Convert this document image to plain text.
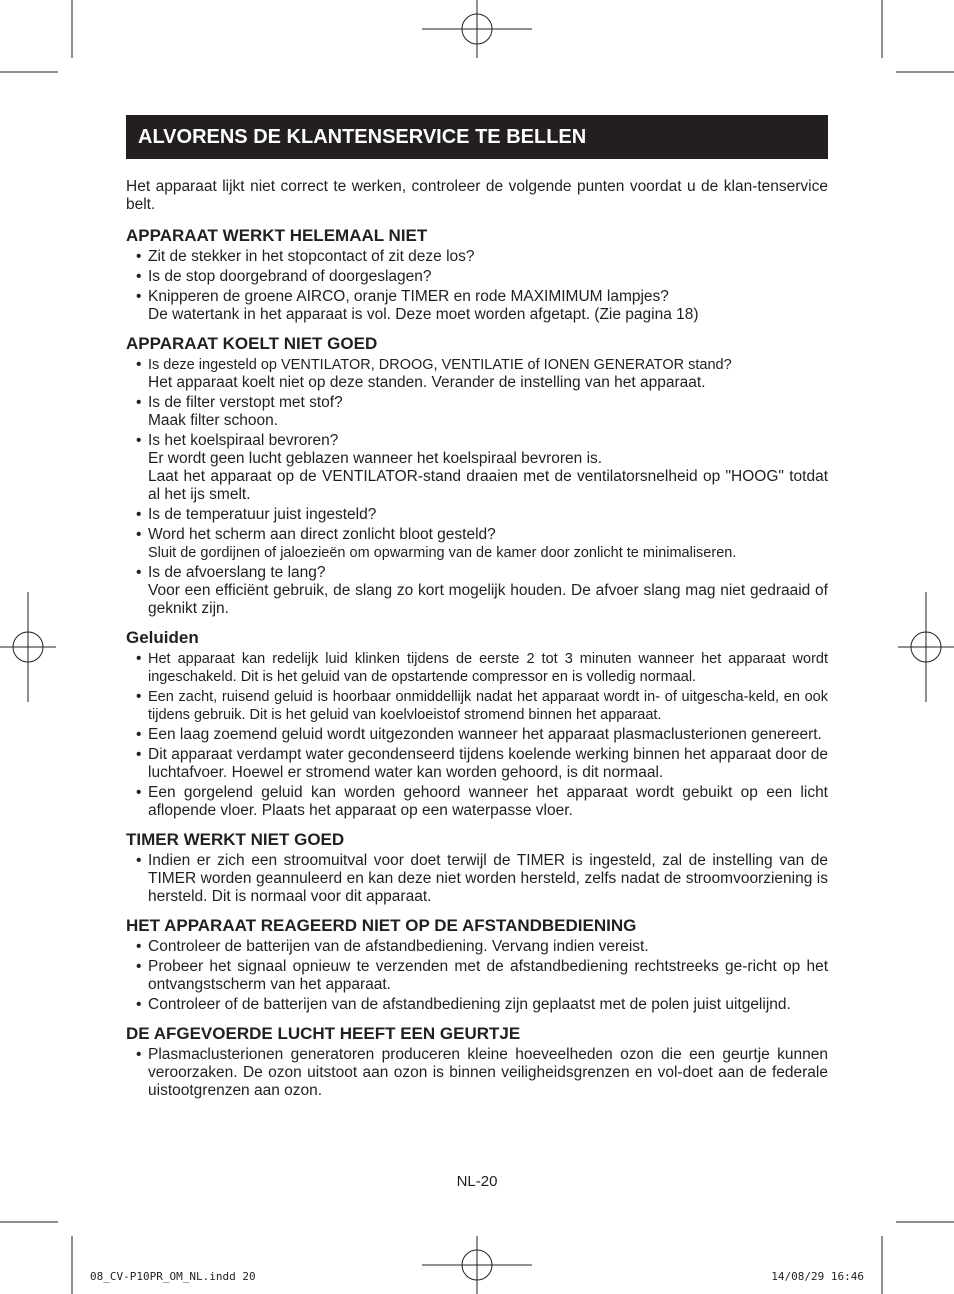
ALVORENS DE KLANTENSERVICE TE BELLEN

Het apparaat lijkt niet correct te werken, controleer de volgende punten voordat u de klan-tenservice belt.

APPARAAT WERKT HELEMAAL NIET
• Zit de stekker in het stopcontact of zit deze los?
• Is de stop doorgebrand of doorgeslagen?
• Knipperen de groene AIRCO, oranje TIMER en rode MAXIMIMUM lampjes?
De watertank in het apparaat is vol. Deze moet worden afgetapt. (Zie pagina 18)
APPARAAT KOELT NIET GOED
• Is deze ingesteld op VENTILATOR, DROOG, VENTILATIE of IONEN GENERATOR stand?
Het apparaat koelt niet op deze standen. Verander de instelling van het apparaat.
• Is de filter verstopt met stof?
Maak filter schoon.
• Is het koelspiraal bevroren?
Er wordt geen lucht geblazen wanneer het koelspiraal bevroren is.
Laat het apparaat op de VENTILATOR-stand draaien met de ventilatorsnelheid op "HOOG" totdat al het ijs smelt.
• Is de temperatuur juist ingesteld?
• Word het scherm aan direct zonlicht bloot gesteld?
Sluit de gordijnen of jaloezieën om opwarming van de kamer door zonlicht te minimaliseren.
• Is de afvoerslang te lang?
Voor een efficiënt gebruik, de slang zo kort mogelijk houden. De afvoer slang mag niet gedraaid of geknikt zijn.
Geluiden
• Het apparaat kan redelijk luid klinken tijdens de eerste 2 tot 3 minuten wanneer het apparaat wordt ingeschakeld. Dit is het geluid van de opstartende compressor en is volledig normaal.
• Een zacht, ruisend geluid is hoorbaar onmiddellijk nadat het apparaat wordt in- of uitgescha-keld, en ook tijdens gebruik. Dit is het geluid van koelvloeistof stromend binnen het apparaat.
• Een laag zoemend geluid wordt uitgezonden wanneer het apparaat plasmaclusterionen genereert.
• Dit apparaat verdampt water gecondenseerd tijdens koelende werking binnen het apparaat door de luchtafvoer. Hoewel er stromend water kan worden gehoord, is dit normaal.
• Een gorgelend geluid kan worden gehoord wanneer het apparaat wordt gebuikt op een licht aflopende vloer. Plaats het apparaat op een waterpasse vloer.
TIMER WERKT NIET GOED
• Indien er zich een stroomuitval voor doet terwijl de TIMER is ingesteld, zal de instelling van de TIMER worden geannuleerd en kan deze niet worden hersteld, zelfs nadat de stroomvoorziening is hersteld. Dit is normaal voor dit apparaat.
HET APPARAAT REAGEERD NIET OP DE AFSTANDBEDIENING
• Controleer de batterijen van de afstandbediening. Vervang indien vereist.
• Probeer het signaal opnieuw te verzenden met de afstandbediening rechtstreeks ge-richt op het ontvangstscherm van het apparaat.
• Controleer of de batterijen van de afstandbediening zijn geplaatst met de polen juist uitgelijnd.
DE AFGEVOERDE LUCHT HEEFT EEN GEURTJE
• Plasmaclusterionen generatoren produceren kleine hoeveelheden ozon die een geurtje kunnen veroorzaken. De ozon uitstoot aan ozon is binnen veiligheidsgrenzen en vol-doet aan de federale uistootgrenzen aan ozon.
NL-20
08_CV-P10PR_OM_NL.indd 20	14/08/29 16:46
